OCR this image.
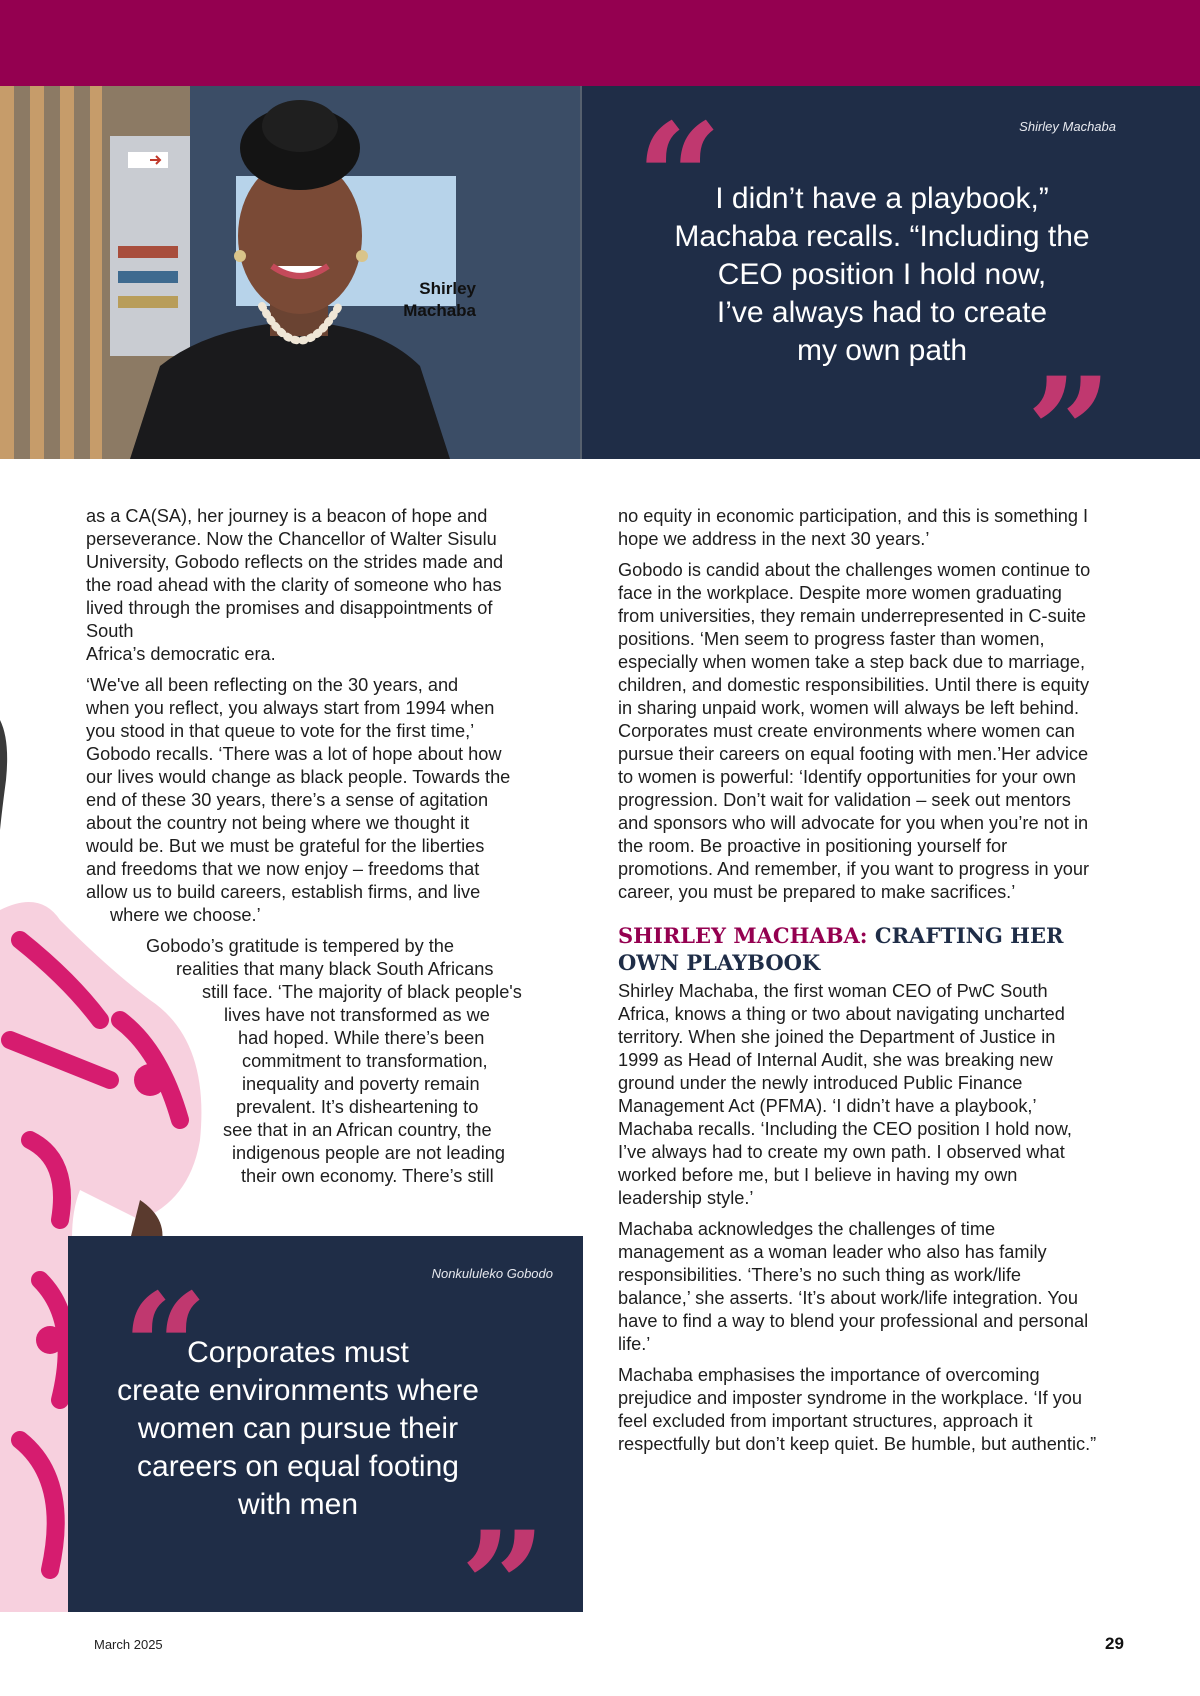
Shirley
Machaba
Shirley Machaba
“
I didn’t have a playbook,”
Machaba recalls. “Including the
CEO position I hold now,
I’ve always had to create
my own path ”

as a CA(SA), her journey is a beacon of hope and
perseverance. Now the Chancellor of Walter Sisulu
University, Gobodo reflects on the strides made and
the road ahead with the clarity of someone who has
lived through the promises and disappointments of
South
Africa’s democratic era.

‘We've all been reflecting on the 30 years, and
when you reflect, you always start from 1994 when
you stood in that queue to vote for the first time,’
Gobodo recalls. ‘There was a lot of hope about how
our lives would change as black people. Towards the
end of these 30 years, there’s a sense of agitation
about the country not being where we thought it
would be. But we must be grateful for the liberties
and freedoms that we now enjoy – freedoms that
allow us to build careers, establish firms, and live
where we choose.’

Gobodo’s gratitude is tempered by the
realities that many black South Africans
still face. ‘The majority of black people's
lives have not transformed as we
had hoped. While there’s been
commitment to transformation,
inequality and poverty remain
prevalent. It’s disheartening to
see that in an African country, the
indigenous people are not leading
their own economy. There’s still

Nonkululeko Gobodo
“
Corporates must
create environments where
women can pursue their
careers on equal footing
with men ”

no equity in economic participation, and this is something I hope we address in the next 30 years.’

Gobodo is candid about the challenges women continue to face in the workplace. Despite more women graduating from universities, they remain underrepresented in C-suite positions. ‘Men seem to progress faster than women, especially when women take a step back due to marriage, children, and domestic responsibilities. Until there is equity in sharing unpaid work, women will always be left behind. Corporates must create environments where women can pursue their careers on equal footing with men.’Her advice to women is powerful: ‘Identify opportunities for your own progression. Don’t wait for validation – seek out mentors and sponsors who will advocate for you when you’re not in the room. Be proactive in positioning yourself for promotions. And remember, if you want to progress in your career, you must be prepared to make sacrifices.’

SHIRLEY MACHABA: CRAFTING HER OWN PLAYBOOK

Shirley Machaba, the first woman CEO of PwC South Africa, knows a thing or two about navigating uncharted territory. When she joined the Department of Justice in 1999 as Head of Internal Audit, she was breaking new ground under the newly introduced Public Finance Management Act (PFMA). ‘I didn’t have a playbook,’ Machaba recalls. ‘Including the CEO position I hold now, I’ve always had to create my own path. I observed what worked before me, but I believe in having my own leadership style.’

Machaba acknowledges the challenges of time management as a woman leader who also has family responsibilities. ‘There’s no such thing as work/life balance,’ she asserts. ‘It’s about work/life integration. You have to find a way to blend your professional and personal life.’

Machaba emphasises the importance of overcoming prejudice and imposter syndrome in the workplace. ‘If you feel excluded from important structures, approach it respectfully but don’t keep quiet. Be humble, but authentic.”

March 2025	29
